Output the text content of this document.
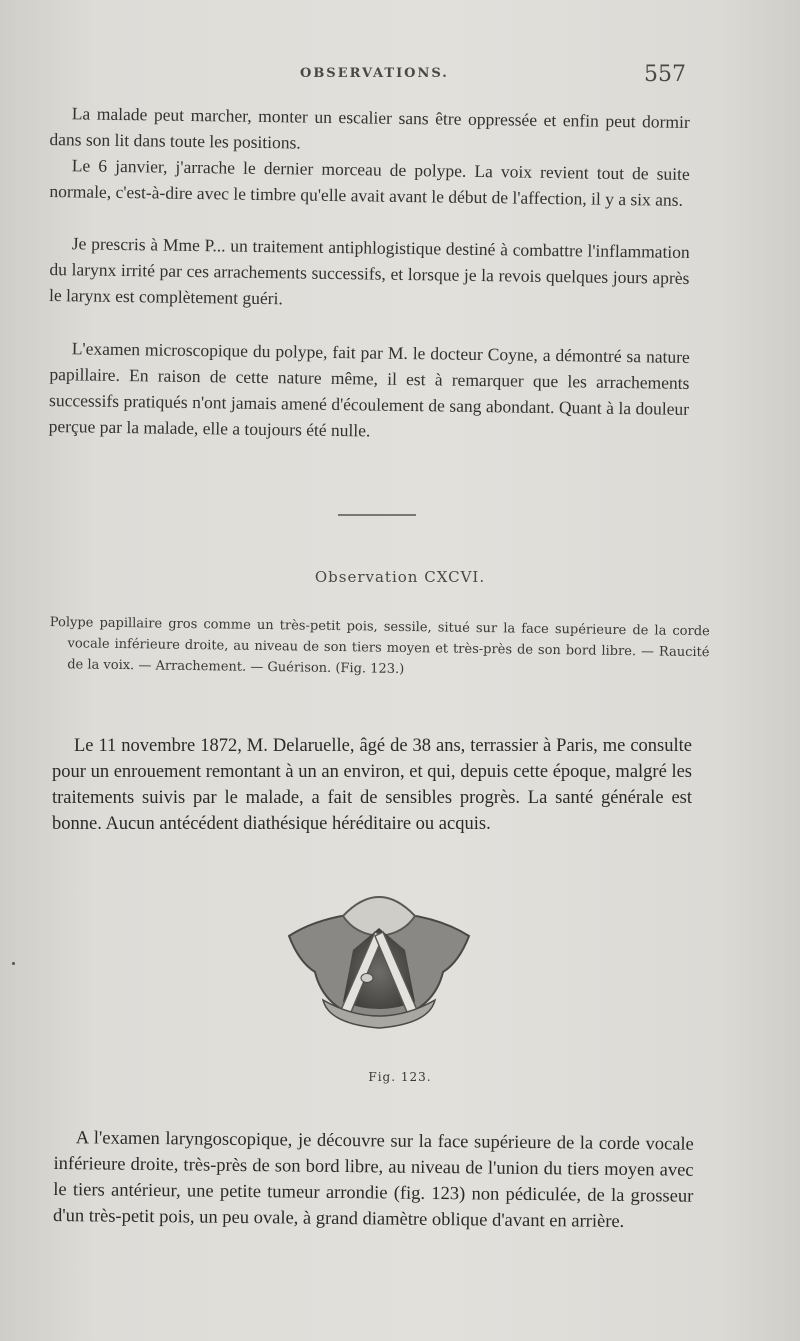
OBSERVATIONS.	557
La malade peut marcher, monter un escalier sans être oppressée et enfin peut dormir dans son lit dans toute les positions.
Le 6 janvier, j'arrache le dernier morceau de polype. La voix revient tout de suite normale, c'est-à-dire avec le timbre qu'elle avait avant le début de l'affection, il y a six ans.
Je prescris à Mme P... un traitement antiphlogistique destiné à combattre l'inflammation du larynx irrité par ces arrachements successifs, et lorsque je la revois quelques jours après le larynx est complètement guéri.
L'examen microscopique du polype, fait par M. le docteur Coyne, a démontré sa nature papillaire. En raison de cette nature même, il est à remarquer que les arrachements successifs pratiqués n'ont jamais amené d'écoulement de sang abondant. Quant à la douleur perçue par la malade, elle a toujours été nulle.
Observation CXCVI.
Polype papillaire gros comme un très-petit pois, sessile, situé sur la face supérieure de la corde vocale inférieure droite, au niveau de son tiers moyen et très-près de son bord libre. — Raucité de la voix. — Arrachement. — Guérison. (Fig. 123.)
Le 11 novembre 1872, M. Delaruelle, âgé de 38 ans, terrassier à Paris, me consulte pour un enrouement remontant à un an environ, et qui, depuis cette époque, malgré les traitements suivis par le malade, a fait de sensibles progrès. La santé générale est bonne. Aucun antécédent diathésique héréditaire ou acquis.
Fig. 123.
A l'examen laryngoscopique, je découvre sur la face supérieure de la corde vocale inférieure droite, très-près de son bord libre, au niveau de l'union du tiers moyen avec le tiers antérieur, une petite tumeur arrondie (fig. 123) non pédiculée, de la grosseur d'un très-petit pois, un peu ovale, à grand diamètre oblique d'avant en arrière.
